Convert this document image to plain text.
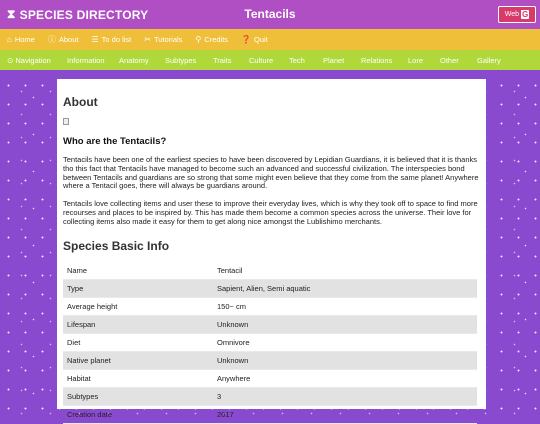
⧗ SPECIES DIRECTORY	Tentacils	Web G
⌂ Home ⓘ About ☰ To do list ✂ Tutorials ⚲ Credits ❓ Quit
⊙ Navigation Information Anatomy Subtypes Traits Culture Tech Planet Relations Lore Other Gallery
About
Who are the Tentacils?

Tentacils have been one of the earliest species to have been discovered by Lepidian Guardians, it is believed that it is thanks tho this fact that Tentacils have managed to become such an advanced and successful civilization. The interspecies bond between Tentacils and guardians are so strong that some might even believe that they come from the same planet! Anywhere where a Tentacil goes, there will always be guardians around.

Tentacils love collecting items and user these to improve their everyday lives, which is why they took off to space to find more recourses and places to be inspired by. This has made them become a common species across the universe. Their love for collecting items also made it easy for them to get along nice amongst the Lublishimo merchants.

Species Basic Info
Name	Tentacil
Type	Sapient, Alien, Semi aquatic
Average height	150~ cm
Lifespan	Unknown
Diet	Omnivore
Native planet	Unknown
Habitat	Anywhere
Subtypes	3
Creation date	2017
